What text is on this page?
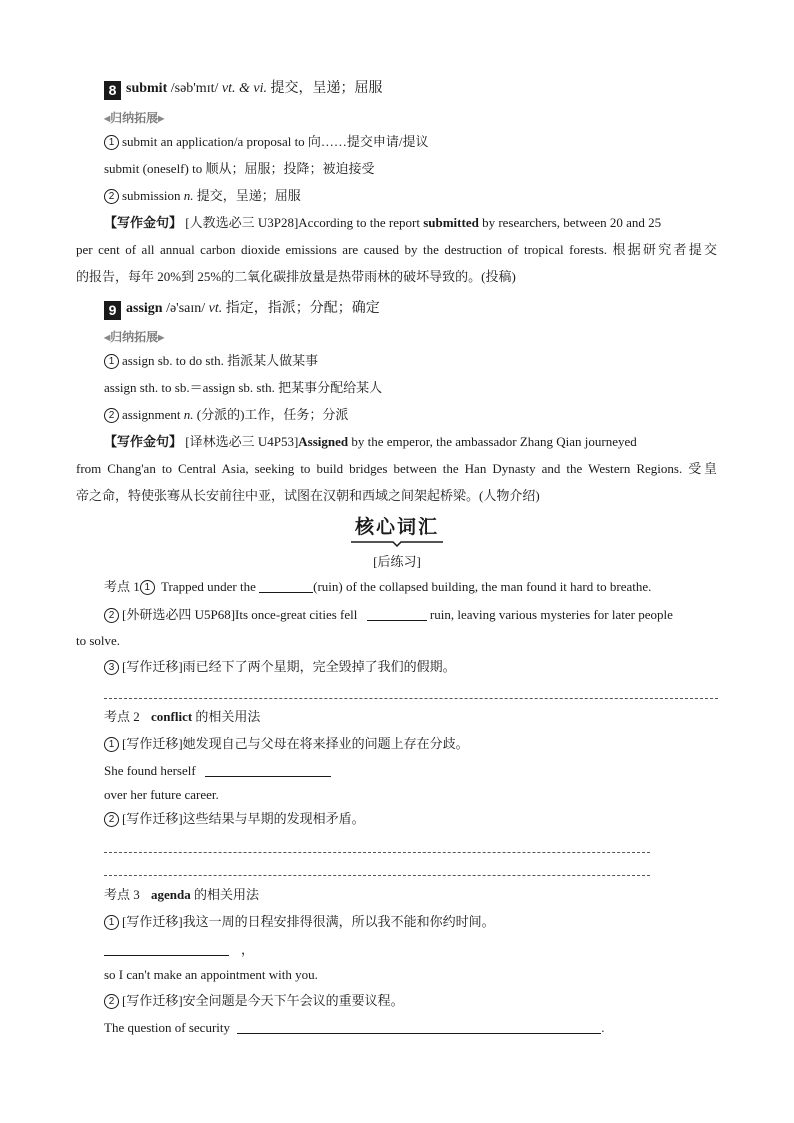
8 submit /səb'mɪt/ vt. & vi. 提交，呈递；屈服
◀归纳拓展▶
1 submit an application/a proposal to 向……提交申请/提议
submit (oneself) to 顺从；屈服；投降；被迫接受
2 submission n. 提交，呈递；屈服
【写作金句】 [人教选必三 U3P28]According to the report submitted by researchers, between 20 and 25
per cent of all annual carbon dioxide emissions are caused by the destruction of tropical forests. 根据研究者提交
的报告，每年 20%到 25%的二氧化碳排放量是热带雨林的破坏导致的。(投稿)
9 assign /ə'saɪn/ vt. 指定，指派；分配；确定
◀归纳拓展▶
1 assign sb. to do sth. 指派某人做某事
assign sth. to sb.＝assign sb. sth. 把某事分配给某人
2 assignment n. (分派的)工作，任务；分派
【写作金句】 [译林选必三 U4P53]Assigned by the emperor, the ambassador Zhang Qian journeyed
from Chang'an to Central Asia, seeking to build bridges between the Han Dynasty and the Western Regions. 受皇
帝之命，特使张骞从长安前往中亚，试图在汉朝和西域之间架起桥梁。(人物介绍)
核心词汇
[后练习]
考点 1 1 Trapped under the	(ruin) of the collapsed building, the man found it hard to breathe.
2 [外研选必四 U5P68]Its once-great cities fell	ruin, leaving various mysteries for later people
to solve.
3 [写作迁移]雨已经下了两个星期，完全毁掉了我们的假期。
考点 2 conflict 的相关用法
1 [写作迁移]她发现自己与父母在将来择业的问题上存在分歧。
She found herself
over her future career.
2 [写作迁移]这些结果与早期的发现相矛盾。
考点 3 agenda 的相关用法
1 [写作迁移]我这一周的日程安排得很满，所以我不能和你约时间。
，
so I can't make an appointment with you.
2 [写作迁移]安全问题是今天下午会议的重要议程。
The question of security	.
